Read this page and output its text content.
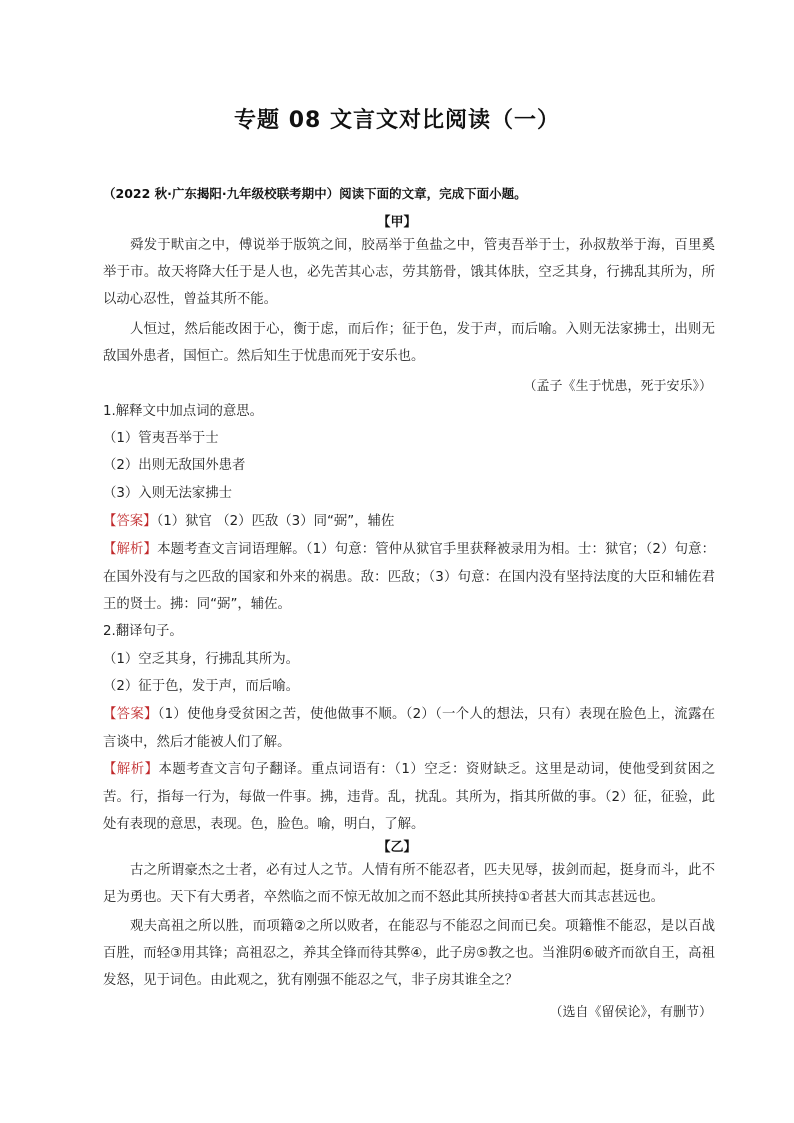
专题 08 文言文对比阅读（一）
（2022 秋·广东揭阳·九年级校联考期中）阅读下面的文章，完成下面小题。
【甲】
舜发于畎亩之中，傅说举于版筑之间，胶鬲举于鱼盐之中，管夷吾举于士，孙叔敖举于海，百里奚举于市。故天将降大任于是人也，必先苦其心志，劳其筋骨，饿其体肤，空乏其身，行拂乱其所为，所以动心忍性，曾益其所不能。
人恒过，然后能改困于心，衡于虑，而后作；征于色，发于声，而后喻。入则无法家拂士，出则无敌国外患者，国恒亡。然后知生于忧患而死于安乐也。
（孟子《生于忧患，死于安乐》）
1.解释文中加点词的意思。
（1）管夷吾举于士
（2）出则无敌国外患者
（3）入则无法家拂士
【答案】（1）狱官 （2）匹敌（3）同“弼”，辅佐
【解析】本题考查文言词语理解。（1）句意：管仲从狱官手里获释被录用为相。士：狱官；（2）句意：在国外没有与之匹敌的国家和外来的祸患。敌：匹敌；（3）句意：在国内没有坚持法度的大臣和辅佐君王的贤士。拂：同“弼”，辅佐。
2.翻译句子。
（1）空乏其身，行拂乱其所为。
（2）征于色，发于声，而后喻。
【答案】（1）使他身受贫困之苦，使他做事不顺。（2）（一个人的想法，只有）表现在脸色上，流露在言谈中，然后才能被人们了解。
【解析】本题考查文言句子翻译。重点词语有：（1）空乏：资财缺乏。这里是动词，使他受到贫困之苦。行，指每一行为，每做一件事。拂，违背。乱，扰乱。其所为，指其所做的事。（2）征，征验，此处有表现的意思，表现。色，脸色。喻，明白，了解。
【乙】
古之所谓豪杰之士者，必有过人之节。人情有所不能忍者，匹夫见辱，拔剑而起，挺身而斗，此不足为勇也。天下有大勇者，卒然临之而不惊无故加之而不怒此其所挟持①者甚大而其志甚远也。
观夫高祖之所以胜，而项籍②之所以败者，在能忍与不能忍之间而已矣。项籍惟不能忍，是以百战百胜，而轻③用其锋；高祖忍之，养其全锋而待其弊④，此子房⑤教之也。当淮阴⑥破齐而欲自王，高祖发怒，见于词色。由此观之，犹有刚强不能忍之气，非子房其谁全之？
（选自《留侯论》，有删节）
